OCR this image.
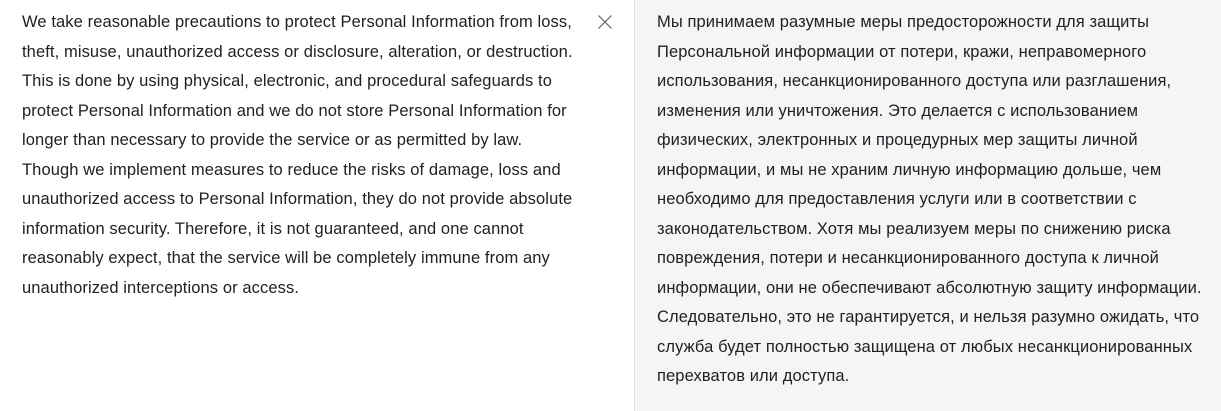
We take reasonable precautions to protect Personal Information from loss, theft, misuse, unauthorized access or disclosure, alteration, or destruction. This is done by using physical, electronic, and procedural safeguards to protect Personal Information and we do not store Personal Information for longer than necessary to provide the service or as permitted by law. Though we implement measures to reduce the risks of damage, loss and unauthorized access to Personal Information, they do not provide absolute information security. Therefore, it is not guaranteed, and one cannot reasonably expect, that the service will be completely immune from any unauthorized interceptions or access.
Мы принимаем разумные меры предосторожности для защиты Персональной информации от потери, кражи, неправомерного использования, несанкционированного доступа или разглашения, изменения или уничтожения. Это делается с использованием физических, электронных и процедурных мер защиты личной информации, и мы не храним личную информацию дольше, чем необходимо для предоставления услуги или в соответствии с законодательством. Хотя мы реализуем меры по снижению риска повреждения, потери и несанкционированного доступа к личной информации, они не обеспечивают абсолютную защиту информации. Следовательно, это не гарантируется, и нельзя разумно ожидать, что служба будет полностью защищена от любых несанкционированных перехватов или доступа.
